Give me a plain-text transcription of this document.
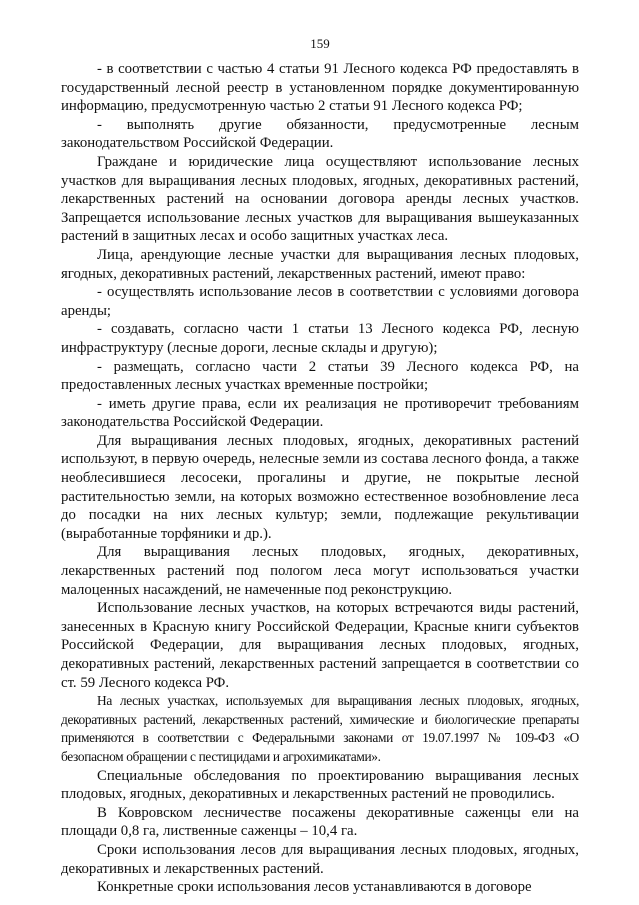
159

- в соответствии с частью 4 статьи 91 Лесного кодекса РФ предоставлять в государственный лесной реестр в установленном порядке документированную информацию, предусмотренную частью 2 статьи 91 Лесного кодекса РФ;

- выполнять другие обязанности, предусмотренные лесным законодательством Российской Федерации.

Граждане и юридические лица осуществляют использование лесных участков для выращивания лесных плодовых, ягодных, декоративных растений, лекарственных растений на основании договора аренды лесных участков. Запрещается использование лесных участков для выращивания вышеуказанных растений в защитных лесах и особо защитных участках леса.

Лица, арендующие лесные участки для выращивания лесных плодовых, ягодных, декоративных растений, лекарственных растений, имеют право:

- осуществлять использование лесов в соответствии с условиями договора аренды;

- создавать, согласно части 1 статьи 13 Лесного кодекса РФ, лесную инфраструктуру (лесные дороги, лесные склады и другую);

- размещать, согласно части 2 статьи 39 Лесного кодекса РФ, на предоставленных лесных участках временные постройки;

- иметь другие права, если их реализация не противоречит требованиям законодательства Российской Федерации.

Для выращивания лесных плодовых, ягодных, декоративных растений используют, в первую очередь, нелесные земли из состава лесного фонда, а также необлесившиеся лесосеки, прогалины и другие, не покрытые лесной растительностью земли, на которых возможно естественное возобновление леса до посадки на них лесных культур; земли, подлежащие рекультивации (выработанные торфяники и др.).

Для выращивания лесных плодовых, ягодных, декоративных, лекарственных растений под пологом леса могут использоваться участки малоценных насаждений, не намеченные под реконструкцию.

Использование лесных участков, на которых встречаются виды растений, занесенных в Красную книгу Российской Федерации, Красные книги субъектов Российской Федерации, для выращивания лесных плодовых, ягодных, декоративных растений, лекарственных растений запрещается в соответствии со ст. 59 Лесного кодекса РФ.

На лесных участках, используемых для выращивания лесных плодовых, ягодных, декоративных растений, лекарственных растений, химические и биологические препараты применяются в соответствии с Федеральными законами от 19.07.1997 № 109-ФЗ «О безопасном обращении с пестицидами и агрохимикатами».

Специальные обследования по проектированию выращивания лесных плодовых, ягодных, декоративных и лекарственных растений не проводились.

В Ковровском лесничестве посажены декоративные саженцы ели на площади 0,8 га, лиственные саженцы – 10,4 га.

Сроки использования лесов для выращивания лесных плодовых, ягодных, декоративных и лекарственных растений.

Конкретные сроки использования лесов устанавливаются в договоре
